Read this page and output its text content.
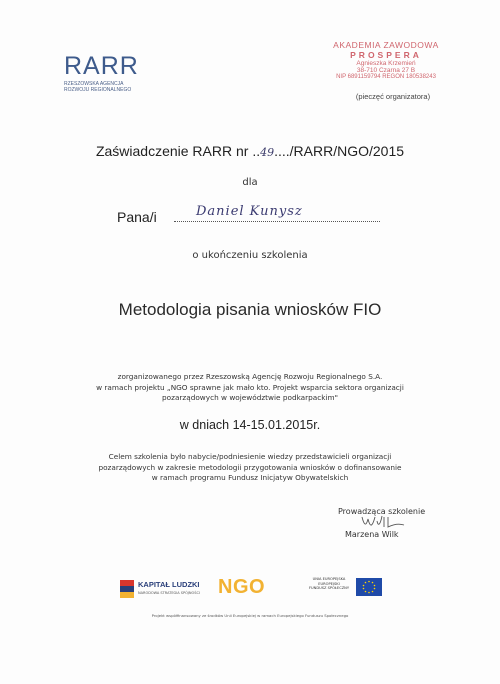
RARR
RZESZOWSKA AGENCJA
ROZWOJU REGIONALNEGO
AKADEMIA ZAWODOWA
PROSPERA
Agnieszka Krzemień
38-710 Czarna 27 B
NIP 6891159794 REGON 180538243
(pieczęć organizatora)
Zaświadczenie RARR nr ..49..../RARR/NGO/2015
dla
Pana/i	Daniel Kunysz
o ukończeniu szkolenia
Metodologia pisania wniosków FIO
zorganizowanego przez Rzeszowską Agencję Rozwoju Regionalnego S.A.
w ramach projektu „NGO sprawne jak mało kto. Projekt wsparcia sektora organizacji
pozarządowych w województwie podkarpackim"
w dniach 14-15.01.2015r.
Celem szkolenia było nabycie/podniesienie wiedzy przedstawicieli organizacji
pozarządowych w zakresie metodologii przygotowania wniosków o dofinansowanie
w ramach programu Fundusz Inicjatyw Obywatelskich
Prowadząca szkolenie
Marzena Wilk
KAPITAŁ LUDZKI
NARODOWA STRATEGIA SPÓJNOŚCI NGO	UNIA EUROPEJSKA
EUROPEJSKI
FUNDUSZ SPOŁECZNY
Projekt współfinansowany ze środków Unii Europejskiej w ramach Europejskiego Funduszu Społecznego
